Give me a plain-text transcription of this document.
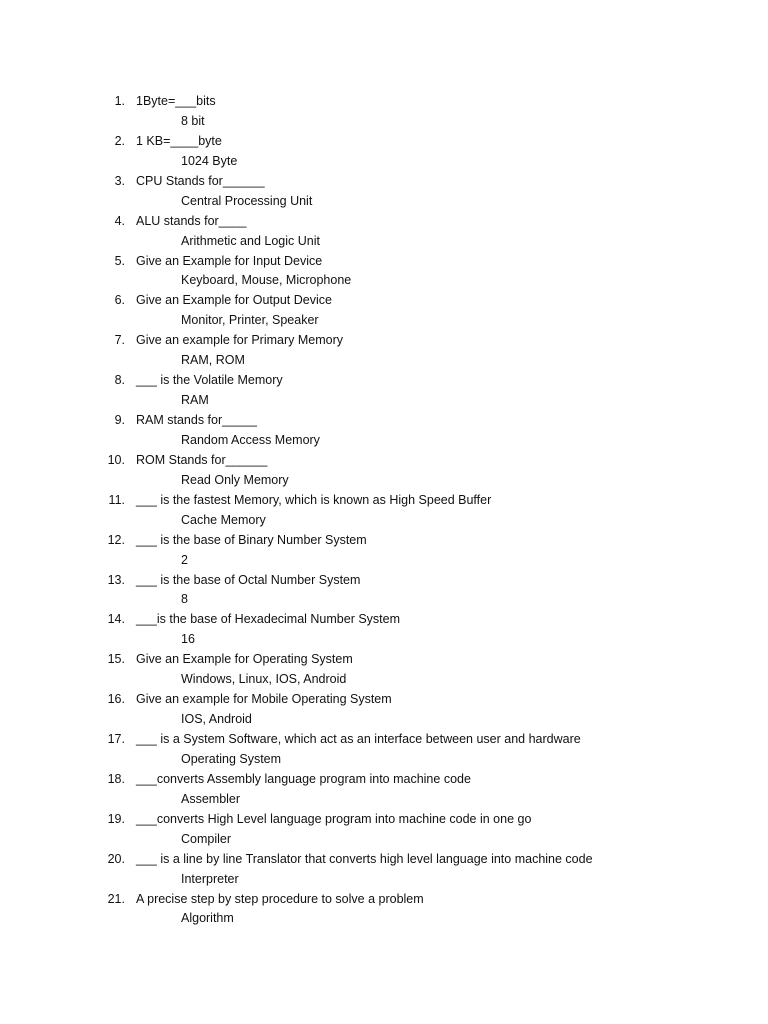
1. 1Byte=___bits
8 bit
2. 1 KB=____byte
1024 Byte
3. CPU Stands for______
Central Processing Unit
4. ALU stands for____
Arithmetic and Logic Unit
5. Give an Example for Input Device
Keyboard, Mouse, Microphone
6. Give an Example for Output Device
Monitor, Printer, Speaker
7. Give an example for Primary Memory
RAM, ROM
8. ___ is the Volatile Memory
RAM
9. RAM stands for_____
Random Access Memory
10. ROM Stands for______
Read Only Memory
11. ___ is the fastest Memory, which is known as High Speed Buffer
Cache Memory
12. ___ is the base of Binary Number System
2
13. ___ is the base of Octal Number System
8
14. ___is the base of Hexadecimal Number System
16
15. Give an Example for Operating System
Windows, Linux, IOS, Android
16. Give an example for Mobile Operating System
IOS, Android
17. ___ is a System Software, which act as an interface between user and hardware
Operating System
18. ___converts Assembly language program into machine code
Assembler
19. ___converts High Level language program into machine code in one go
Compiler
20. ___ is a line by line Translator that converts high level language into machine code
Interpreter
21. A precise step by step procedure to solve a problem
Algorithm
